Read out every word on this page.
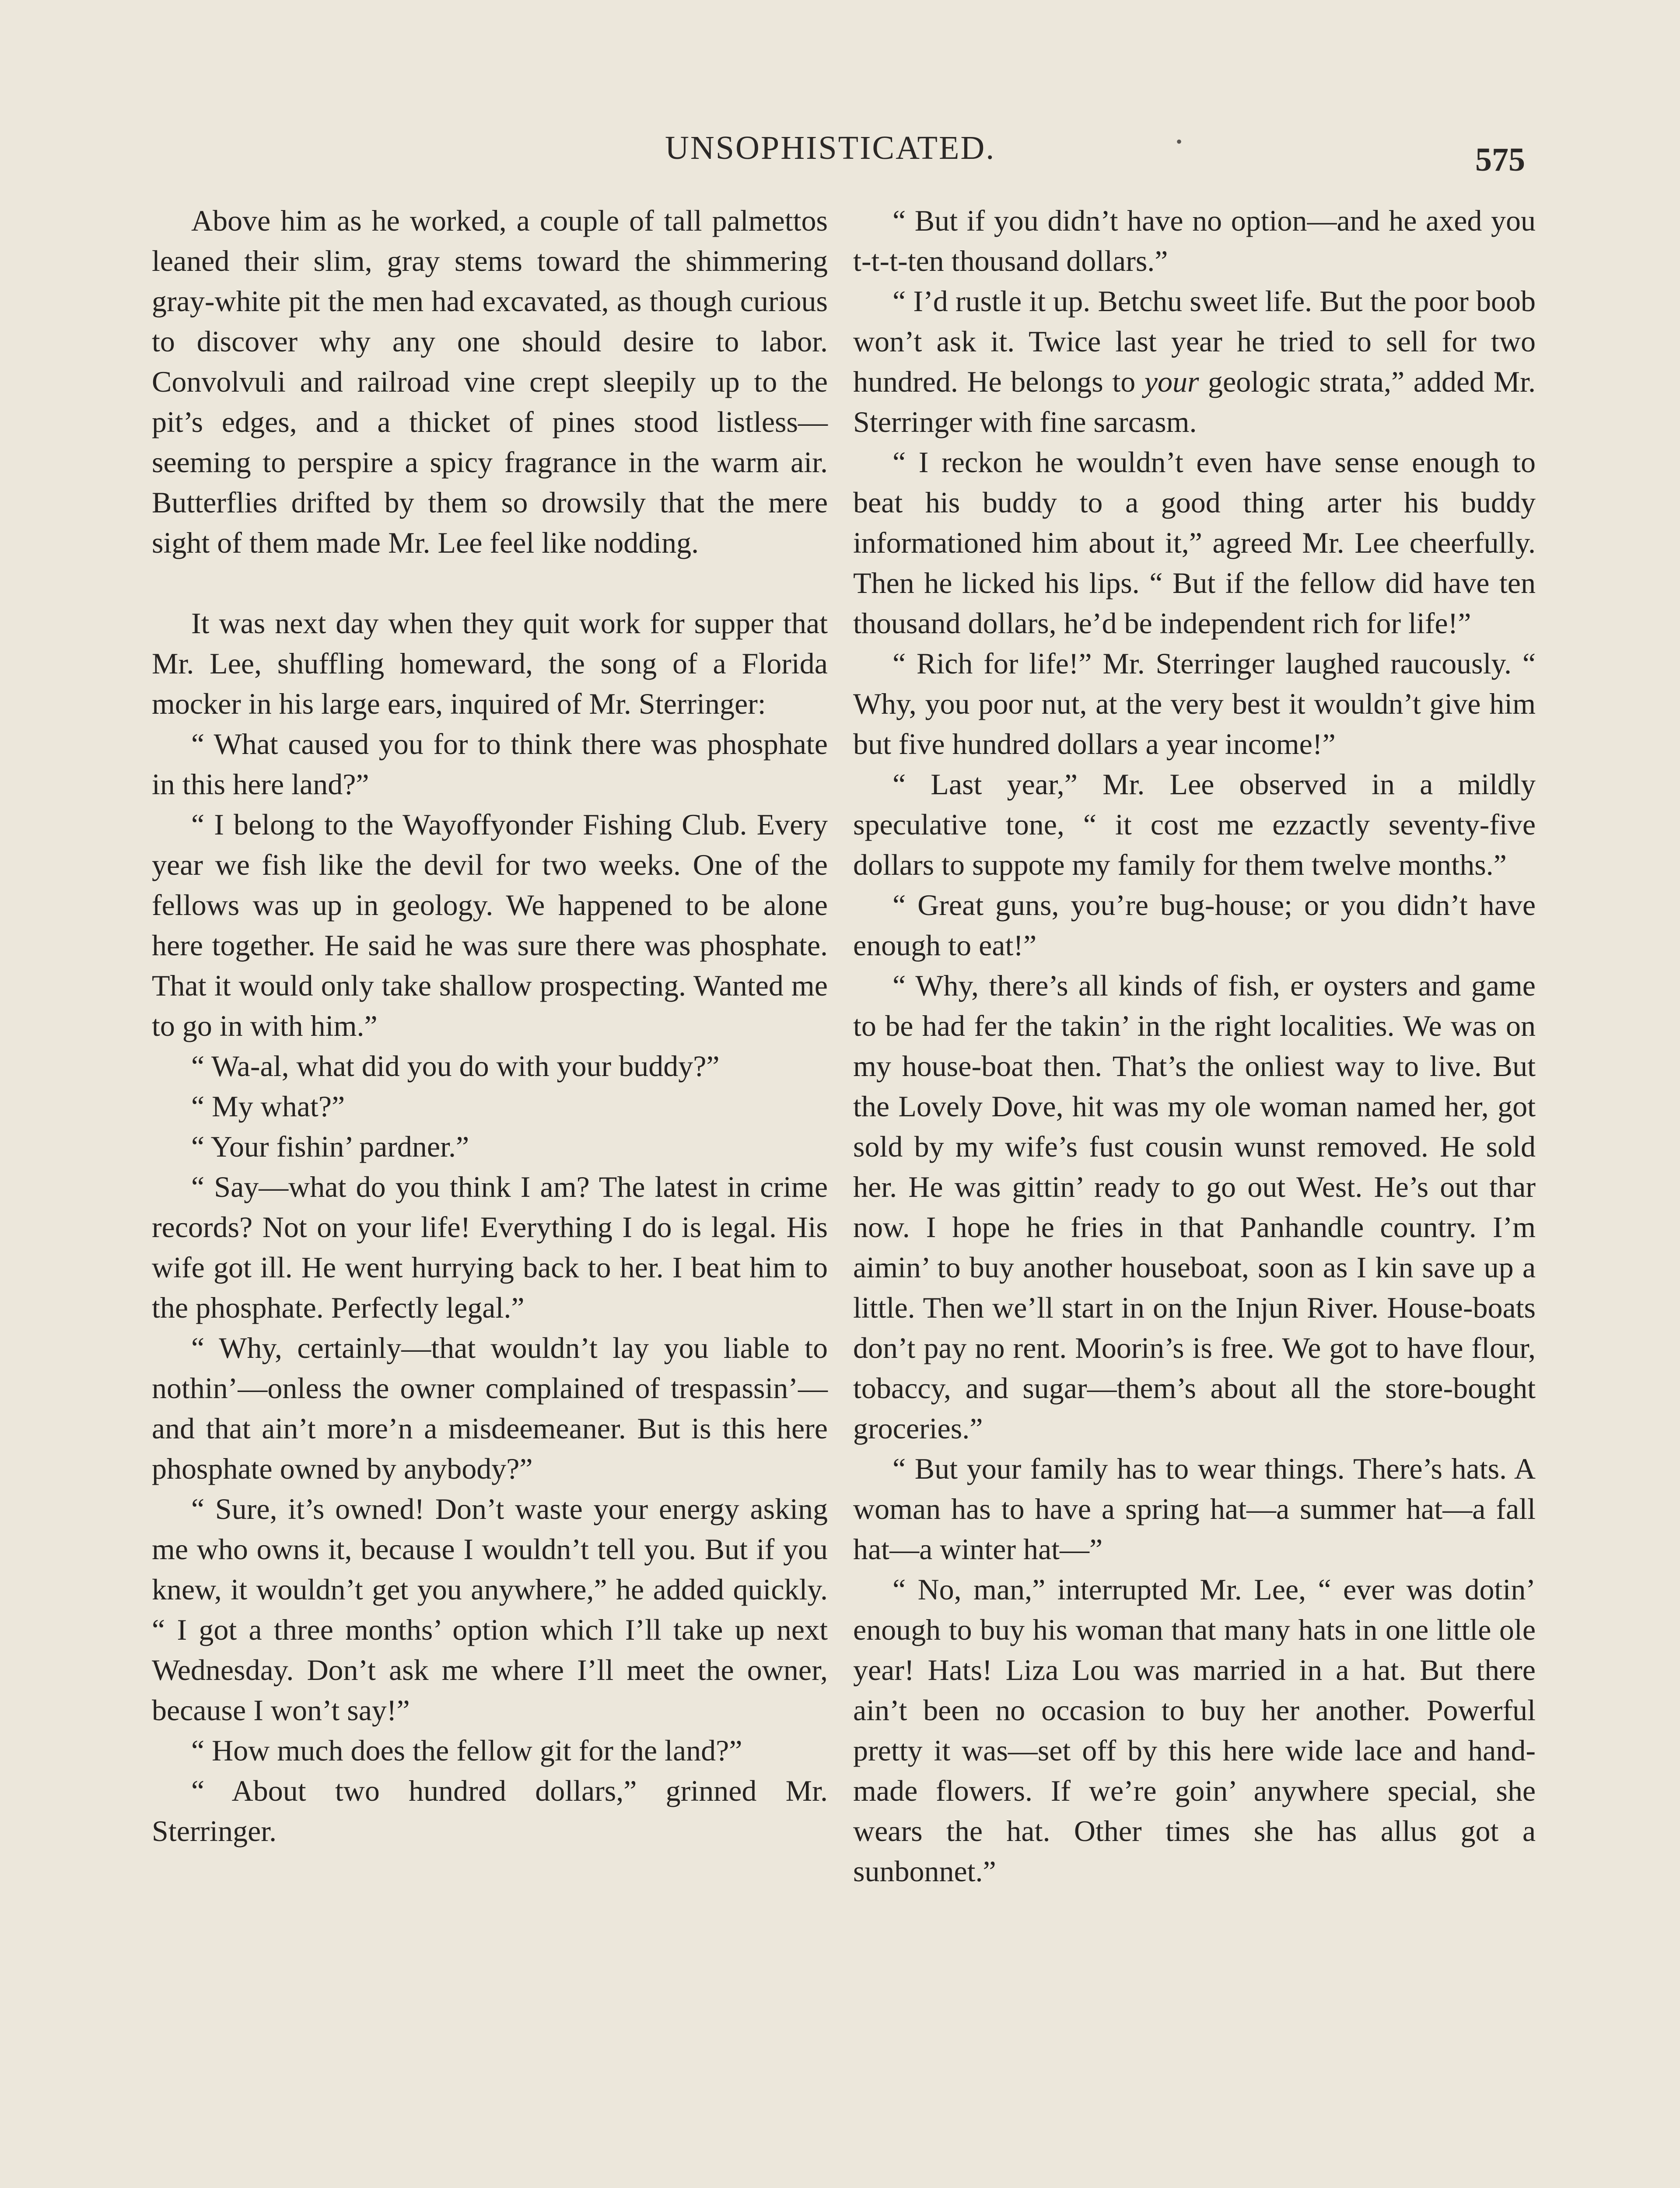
UNSOPHISTICATED.	•	575

Above him as he worked, a couple of tall palmettos leaned their slim, gray stems toward the shimmering gray-white pit the men had excavated, as though curious to discover why any one should desire to labor. Convolvuli and railroad vine crept sleepily up to the pit’s edges, and a thicket of pines stood listless—seeming to perspire a spicy fragrance in the warm air. Butterflies drifted by them so drowsily that the mere sight of them made Mr. Lee feel like nodding.

It was next day when they quit work for supper that Mr. Lee, shuffling homeward, the song of a Florida mocker in his large ears, inquired of Mr. Sterringer:

“ What caused you for to think there was phosphate in this here land?”

“ I belong to the Wayoffyonder Fishing Club. Every year we fish like the devil for two weeks. One of the fellows was up in geology. We happened to be alone here together. He said he was sure there was phosphate. That it would only take shallow prospecting. Wanted me to go in with him.”

“ Wa-al, what did you do with your buddy?”

“ My what?”

“ Your fishin’ pardner.”

“ Say—what do you think I am? The latest in crime records? Not on your life! Everything I do is legal. His wife got ill. He went hurrying back to her. I beat him to the phosphate. Perfectly legal.”

“ Why, certainly—that wouldn’t lay you liable to nothin’—onless the owner complained of trespassin’—and that ain’t more’n a misdeemeaner. But is this here phosphate owned by anybody?”

“ Sure, it’s owned! Don’t waste your energy asking me who owns it, because I wouldn’t tell you. But if you knew, it wouldn’t get you anywhere,” he added quickly. “ I got a three months’ option which I’ll take up next Wednesday. Don’t ask me where I’ll meet the owner, because I won’t say!”

“ How much does the fellow git for the land?”

“ About two hundred dollars,” grinned Mr. Sterringer.

“ But if you didn’t have no option—and he axed you t-t-t-ten thousand dollars.”

“ I’d rustle it up. Betchu sweet life. But the poor boob won’t ask it. Twice last year he tried to sell for two hundred. He belongs to your geologic strata,” added Mr. Sterringer with fine sarcasm.

“ I reckon he wouldn’t even have sense enough to beat his buddy to a good thing arter his buddy informationed him about it,” agreed Mr. Lee cheerfully. Then he licked his lips. “ But if the fellow did have ten thousand dollars, he’d be independent rich for life!”

“ Rich for life!” Mr. Sterringer laughed raucously. “ Why, you poor nut, at the very best it wouldn’t give him but five hundred dollars a year income!”

“ Last year,” Mr. Lee observed in a mildly speculative tone, “ it cost me ezzactly seventy-five dollars to suppote my family for them twelve months.”

“ Great guns, you’re bug-house; or you didn’t have enough to eat!”

“ Why, there’s all kinds of fish, er oysters and game to be had fer the takin’ in the right localities. We was on my house-boat then. That’s the onliest way to live. But the Lovely Dove, hit was my ole woman named her, got sold by my wife’s fust cousin wunst removed. He sold her. He was gittin’ ready to go out West. He’s out thar now. I hope he fries in that Panhandle country. I’m aimin’ to buy another houseboat, soon as I kin save up a little. Then we’ll start in on the Injun River. House-boats don’t pay no rent. Moorin’s is free. We got to have flour, tobaccy, and sugar—them’s about all the store-bought groceries.”

“ But your family has to wear things. There’s hats. A woman has to have a spring hat—a summer hat—a fall hat—a winter hat—”

“ No, man,” interrupted Mr. Lee, “ ever was dotin’ enough to buy his woman that many hats in one little ole year! Hats! Liza Lou was married in a hat. But there ain’t been no occasion to buy her another. Powerful pretty it was—set off by this here wide lace and hand-made flowers. If we’re goin’ anywhere special, she wears the hat. Other times she has allus got a sunbonnet.”
